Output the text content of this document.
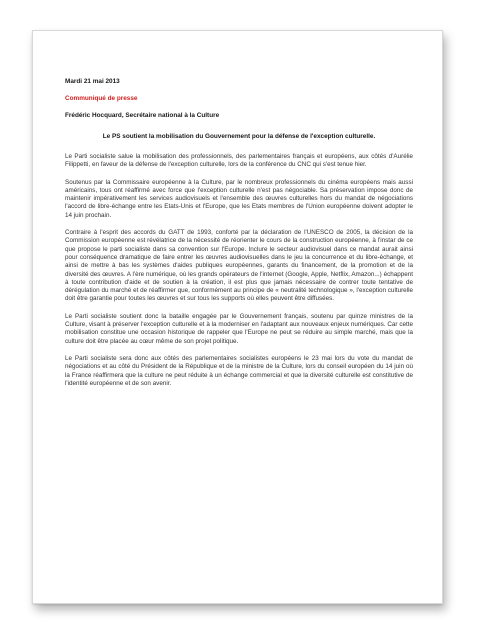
Mardi 21 mai 2013
Communiqué de presse
Frédéric Hocquard, Secrétaire national à la Culture
Le PS soutient la mobilisation du Gouvernement pour la défense de l'exception culturelle.

Le Parti socialiste salue la mobilisation des professionnels, des parlementaires français et européens, aux côtés d'Aurélie Filippetti, en faveur de la défense de l'exception culturelle, lors de la conférence du CNC qui s'est tenue hier.

Soutenus par la Commissaire européenne à la Culture, par le nombreux professionnels du cinéma européens mais aussi américains, tous ont réaffirmé avec force que l'exception culturelle n'est pas négociable. Sa préservation impose donc de maintenir impérativement les services audiovisuels et l'ensemble des œuvres culturelles hors du mandat de négociations l'accord de libre-échange entre les Etats-Unis et l'Europe, que les Etats membres de l'Union européenne doivent adopter le 14 juin prochain.

Contraire à l'esprit des accords du GATT de 1993, conforté par la déclaration de l'UNESCO de 2005, la décision de la Commission européenne est révélatrice de la nécessité de réorienter le cours de la construction européenne, à l'instar de ce que propose le parti socialiste dans sa convention sur l'Europe. Inclure le secteur audiovisuel dans ce mandat aurait ainsi pour conséquence dramatique de faire entrer les œuvres audiovisuelles dans le jeu la concurrence et du libre-échange, et ainsi de mettre à bas les systèmes d'aides publiques européennes, garants du financement, de la promotion et de la diversité des œuvres. A l'ère numérique, où les grands opérateurs de l'internet (Google, Apple, Netflix, Amazon...) échappent à toute contribution d'aide et de soutien à la création, il est plus que jamais nécessaire de contrer toute tentative de dérégulation du marché et de réaffirmer que, conformément au principe de « neutralité technologique », l'exception culturelle doit être garantie pour toutes les œuvres et sur tous les supports où elles peuvent être diffusées.

Le Parti socialiste soutient donc la bataille engagée par le Gouvernement français, soutenu par quinze ministres de la Culture, visant à préserver l'exception culturelle et à la moderniser en l'adaptant aux nouveaux enjeux numériques. Car cette mobilisation constitue une occasion historique de rappeler que l'Europe ne peut se réduire au simple marché, mais que la culture doit être placée au cœur même de son projet politique.

Le Parti socialiste sera donc aux côtés des parlementaires socialistes européens le 23 mai lors du vote du mandat de négociations et au côté du Président de la République et de la ministre de la Culture, lors du conseil européen du 14 juin où la France réaffirmera que la culture ne peut réduite à un échange commercial et que la diversité culturelle est constitutive de l'identité européenne et de son avenir.
